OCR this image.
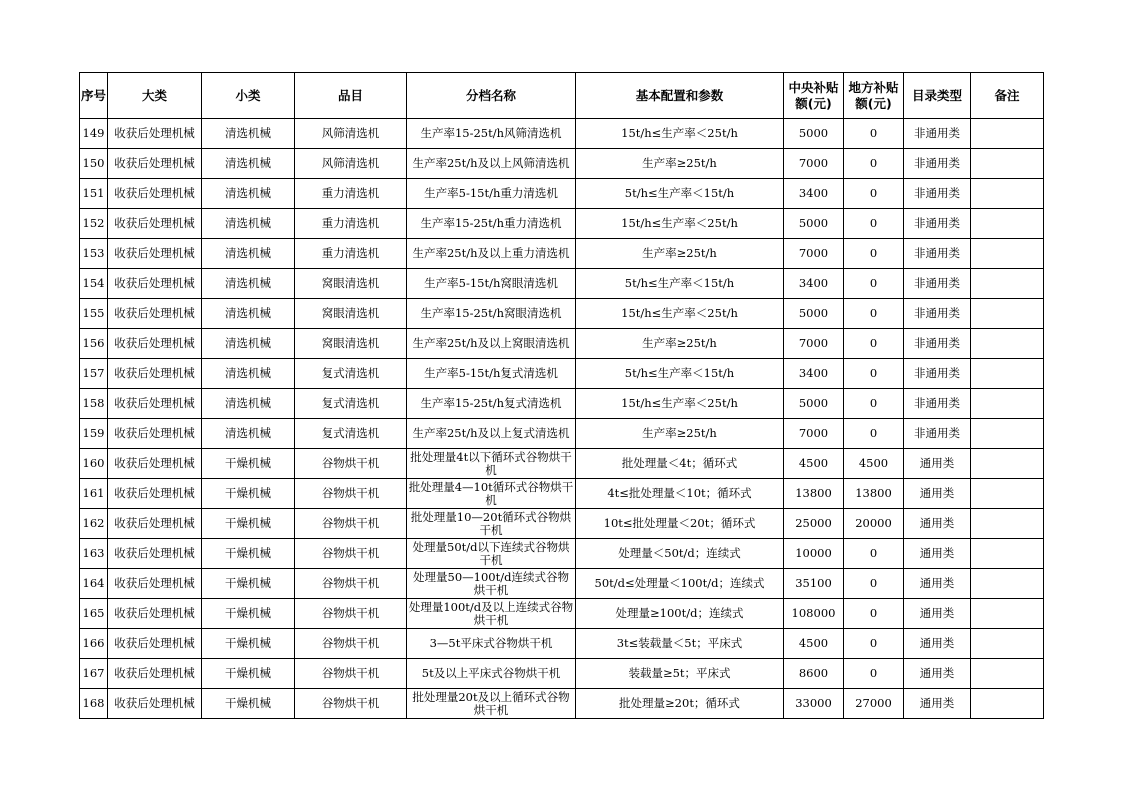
序号	大类	小类	品目	分档名称	基本配置和参数	中央补贴额(元)	地方补贴额(元)	目录类型	备注

149	收获后处理机械	清选机械	风筛清选机	生产率15-25t/h风筛清选机	15t/h≤生产率＜25t/h	5000	0	非通用类	

150	收获后处理机械	清选机械	风筛清选机	生产率25t/h及以上风筛清选机	生产率≥25t/h	7000	0	非通用类	

151	收获后处理机械	清选机械	重力清选机	生产率5-15t/h重力清选机	5t/h≤生产率＜15t/h	3400	0	非通用类	

152	收获后处理机械	清选机械	重力清选机	生产率15-25t/h重力清选机	15t/h≤生产率＜25t/h	5000	0	非通用类	

153	收获后处理机械	清选机械	重力清选机	生产率25t/h及以上重力清选机	生产率≥25t/h	7000	0	非通用类	

154	收获后处理机械	清选机械	窝眼清选机	生产率5-15t/h窝眼清选机	5t/h≤生产率＜15t/h	3400	0	非通用类	

155	收获后处理机械	清选机械	窝眼清选机	生产率15-25t/h窝眼清选机	15t/h≤生产率＜25t/h	5000	0	非通用类	

156	收获后处理机械	清选机械	窝眼清选机	生产率25t/h及以上窝眼清选机	生产率≥25t/h	7000	0	非通用类	

157	收获后处理机械	清选机械	复式清选机	生产率5-15t/h复式清选机	5t/h≤生产率＜15t/h	3400	0	非通用类	

158	收获后处理机械	清选机械	复式清选机	生产率15-25t/h复式清选机	15t/h≤生产率＜25t/h	5000	0	非通用类	

159	收获后处理机械	清选机械	复式清选机	生产率25t/h及以上复式清选机	生产率≥25t/h	7000	0	非通用类	

160	收获后处理机械	干燥机械	谷物烘干机	批处理量4t以下循环式谷物烘干机	批处理量＜4t；循环式	4500	4500	通用类	

161	收获后处理机械	干燥机械	谷物烘干机	批处理量4—10t循环式谷物烘干机	4t≤批处理量＜10t；循环式	13800	13800	通用类	

162	收获后处理机械	干燥机械	谷物烘干机	批处理量10—20t循环式谷物烘干机	10t≤批处理量＜20t；循环式	25000	20000	通用类	

163	收获后处理机械	干燥机械	谷物烘干机	处理量50t/d以下连续式谷物烘干机	处理量＜50t/d；连续式	10000	0	通用类	

164	收获后处理机械	干燥机械	谷物烘干机	处理量50—100t/d连续式谷物烘干机	50t/d≤处理量＜100t/d；连续式	35100	0	通用类	

165	收获后处理机械	干燥机械	谷物烘干机	处理量100t/d及以上连续式谷物烘干机	处理量≥100t/d；连续式	108000	0	通用类	

166	收获后处理机械	干燥机械	谷物烘干机	3—5t平床式谷物烘干机	3t≤装载量＜5t；平床式	4500	0	通用类	

167	收获后处理机械	干燥机械	谷物烘干机	5t及以上平床式谷物烘干机	装载量≥5t；平床式	8600	0	通用类	

168	收获后处理机械	干燥机械	谷物烘干机	批处理量20t及以上循环式谷物烘干机	批处理量≥20t；循环式	33000	27000	通用类	
